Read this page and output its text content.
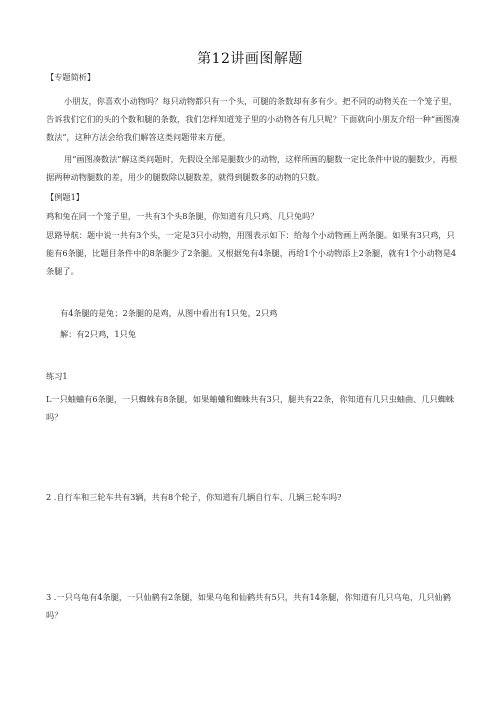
第12讲画图解题
【专题简析】
小朋友，你喜欢小动物吗？每只动物都只有一个头，可腿的条数却有多有少。把不同的动物关在一个笼子里，告诉我们它们的头的个数和腿的条数，我们怎样知道笼子里的小动物各有几只呢？下面就向小朋友介绍一种“画图凑数法”，这种方法会给我们解答这类问题带来方便。
用“画图凑数法”解这类问题时，先假设全部是腿数少的动物，这样所画的腿数一定比条件中说的腿数少，再根据两种动物腿数的差，用少的腿数除以腿数差，就得到腿数多的动物的只数。
【例题1】
鸡和兔在同一个笼子里，一共有3个头8条腿，你知道有几只鸡、几只兔吗？
思路导航：题中说一共有3个头，一定是3只小动物，用图表示如下：给每个小动物画上两条腿。如果有3只鸡，只能有6条腿，比题目条件中的8条腿少了2条腿。又根据兔有4条腿，再给1个小动物添上2条腿，就有1个小动物是4条腿了。
有4条腿的是兔；2条腿的是鸡，从图中看出有1只兔，2只鸡
解：有2只鸡，1只兔
练习1
L一只蚰蛐有6条腿，一只蜘蛛有8条腿，如果蚰蛐和蜘蛛共有3只，腿共有22条，你知道有几只虫蚰曲、几只蜘蛛吗？
2 .自行车和三轮车共有3辆，共有8个轮子，你知道有几辆自行车、几辆三轮车吗?
3 .一只乌龟有4条腿，一只仙鹤有2条腿，如果乌龟和仙鹤共有5只，共有14条腿，你知道有几只乌龟，几只仙鹤吗？
